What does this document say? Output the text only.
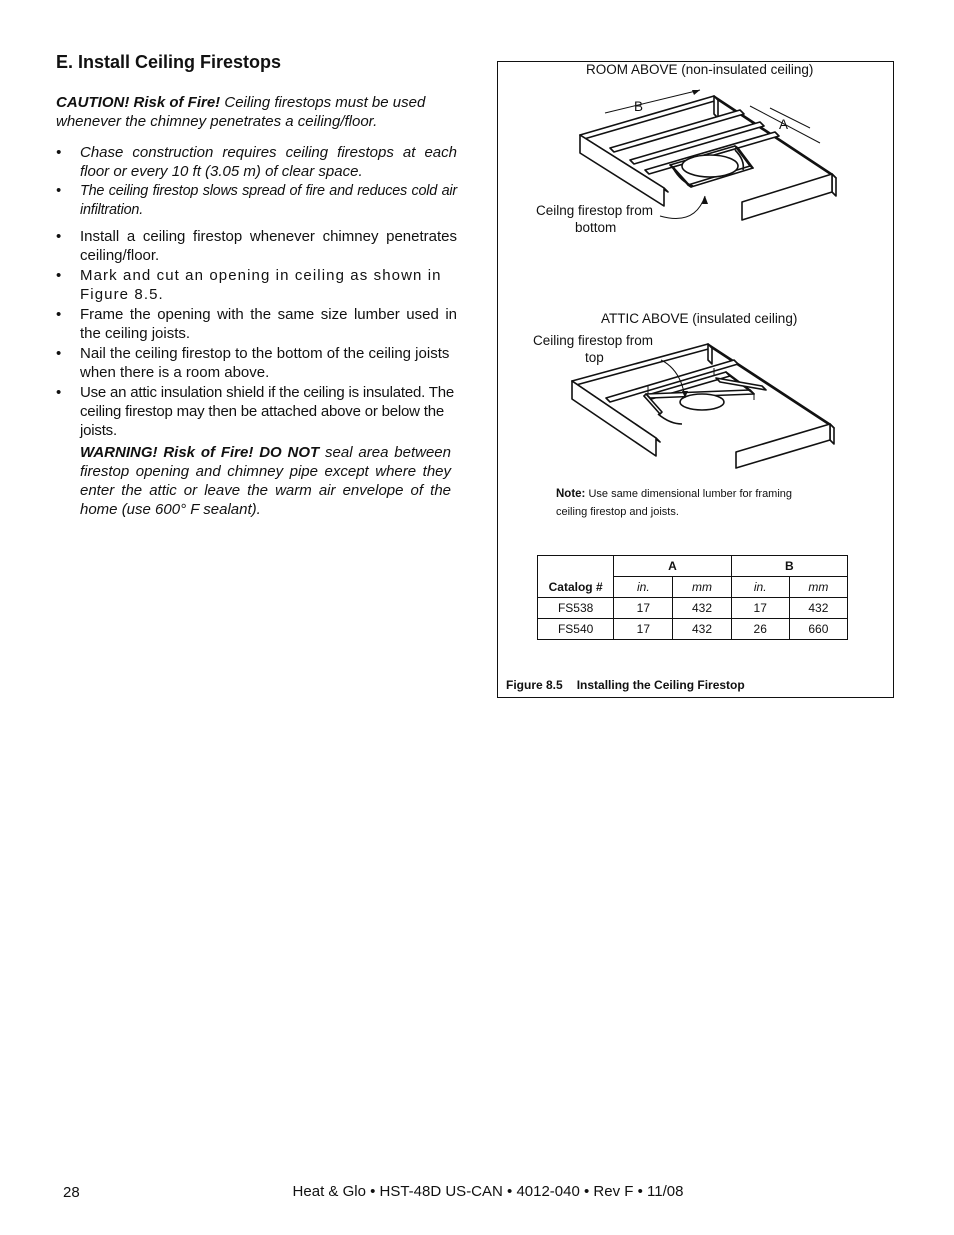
E. Install Ceiling Firestops
CAUTION! Risk of Fire! Ceiling firestops must be used whenever the chimney penetrates a ceiling/floor.
• Chase construction requires ceiling firestops at each floor or every 10 ft (3.05 m) of clear space.
• The ceiling firestop slows spread of fire and reduces cold air infiltration.
• Install a ceiling firestop whenever chimney penetrates ceiling/floor.
• Mark and cut an opening in ceiling as shown in Figure 8.5.
• Frame the opening with the same size lumber used in the ceiling joists.
• Nail the ceiling firestop to the bottom of the ceiling joists when there is a room above.
• Use an attic insulation shield if the ceiling is insulated. The ceiling firestop may then be attached above or below the joists.
WARNING! Risk of Fire! DO NOT seal area between firestop opening and chimney pipe except where they enter the attic or leave the warm air envelope of the home (use 600° F sealant).
ROOM ABOVE (non-insulated ceiling)
B
A
Ceilng firestop from
bottom
ATTIC ABOVE (insulated ceiling)
Ceiling firestop from
top
Note: Use same dimensional lumber for framing
ceiling firestop and joists.
Catalog #	A		B	
	in.	mm	in.	mm
FS538	17	432	17	432
FS540	17	432	26	660
Figure 8.5 Installing the Ceiling Firestop
28	Heat & Glo • HST-48D US-CAN • 4012-040 • Rev F • 11/08
